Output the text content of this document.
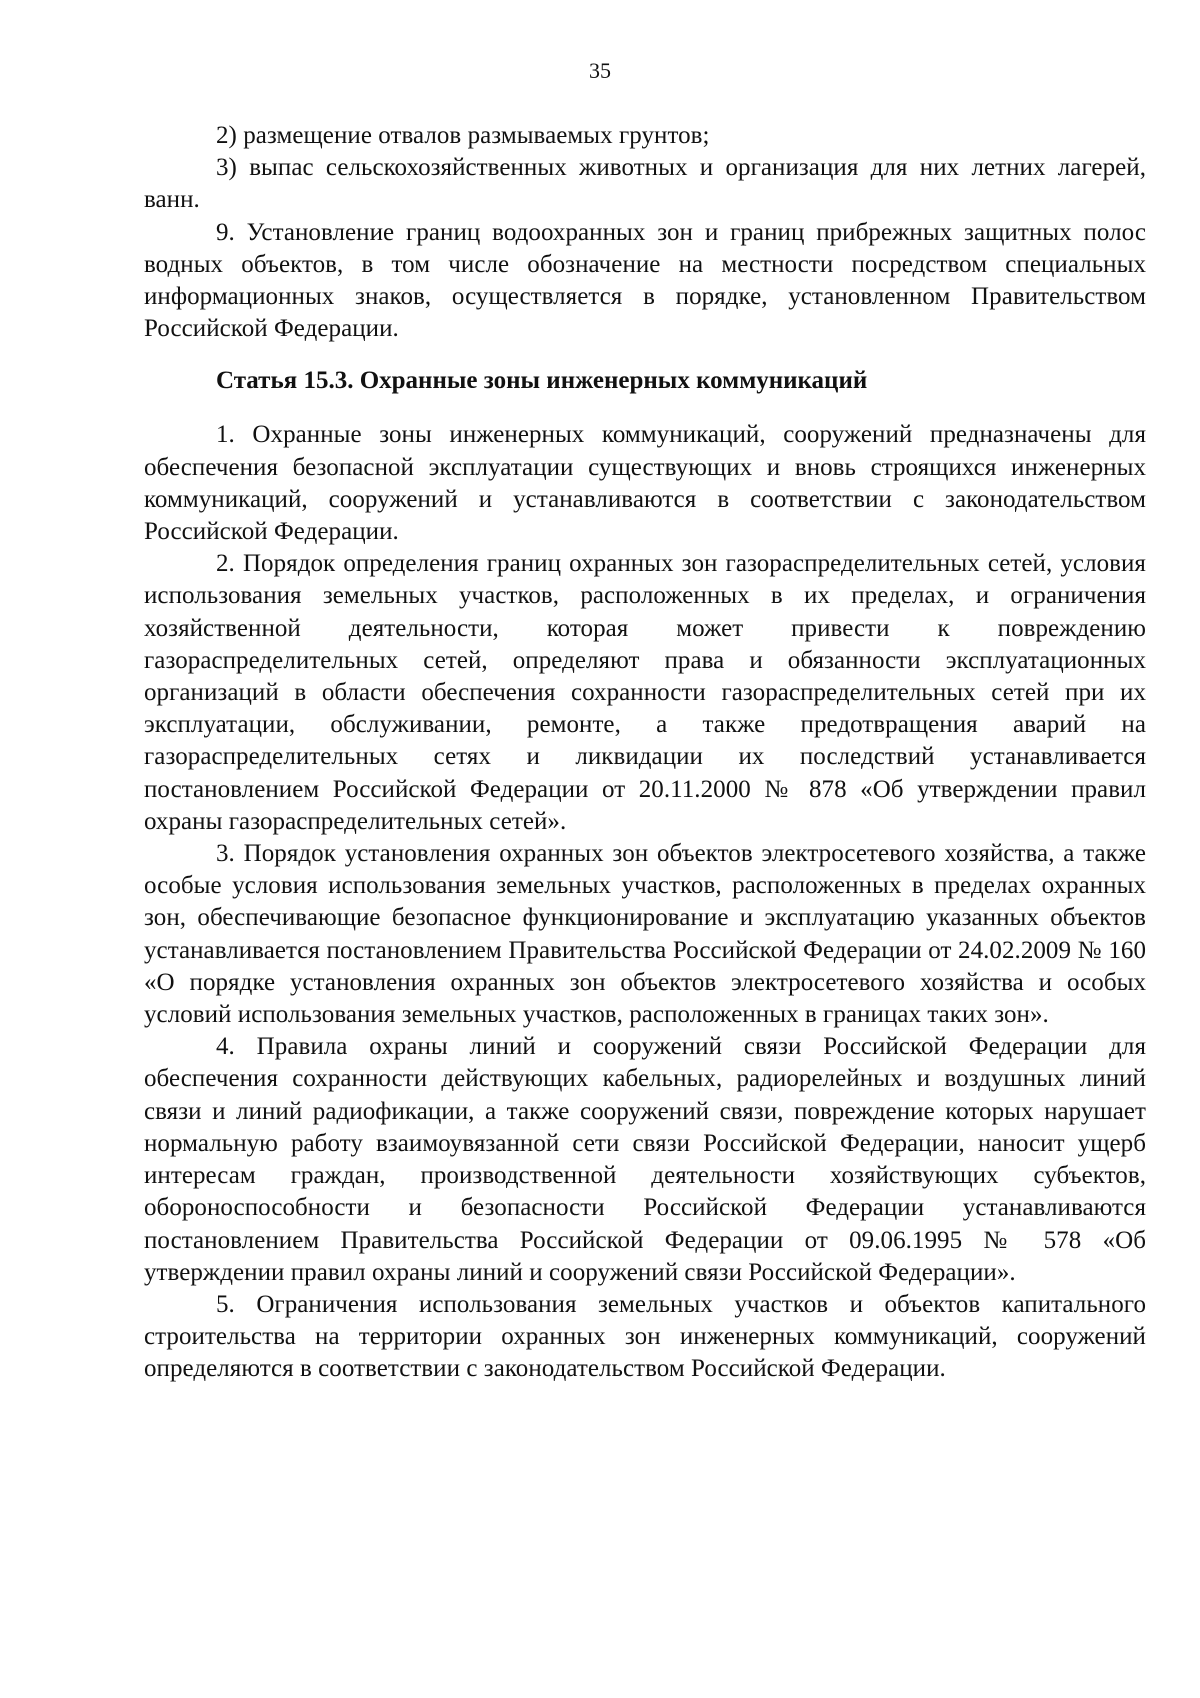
35

2) размещение отвалов размываемых грунтов;

3) выпас сельскохозяйственных животных и организация для них летних лагерей, ванн.

9. Установление границ водоохранных зон и границ прибрежных защитных полос водных объектов, в том числе обозначение на местности посредством специальных информационных знаков, осуществляется в порядке, установленном Правительством Российской Федерации.

Статья 15.3. Охранные зоны инженерных коммуникаций

1. Охранные зоны инженерных коммуникаций, сооружений предназначены для обеспечения безопасной эксплуатации существующих и вновь строящихся инженерных коммуникаций, сооружений и устанавливаются в соответствии с законодательством Российской Федерации.

2. Порядок определения границ охранных зон газораспределительных сетей, условия использования земельных участков, расположенных в их пределах, и ограничения хозяйственной деятельности, которая может привести к повреждению газораспределительных сетей, определяют права и обязанности эксплуатационных организаций в области обеспечения сохранности газораспределительных сетей при их эксплуатации, обслуживании, ремонте, а также предотвращения аварий на газораспределительных сетях и ликвидации их последствий устанавливается постановлением Российской Федерации от 20.11.2000 № 878 «Об утверждении правил охраны газораспределительных сетей».

3. Порядок установления охранных зон объектов электросетевого хозяйства, а также особые условия использования земельных участков, расположенных в пределах охранных зон, обеспечивающие безопасное функционирование и эксплуатацию указанных объектов устанавливается постановлением Правительства Российской Федерации от 24.02.2009 № 160 «О порядке установления охранных зон объектов электросетевого хозяйства и особых условий использования земельных участков, расположенных в границах таких зон».

4. Правила охраны линий и сооружений связи Российской Федерации для обеспечения сохранности действующих кабельных, радиорелейных и воздушных линий связи и линий радиофикации, а также сооружений связи, повреждение которых нарушает нормальную работу взаимоувязанной сети связи Российской Федерации, наносит ущерб интересам граждан, производственной деятельности хозяйствующих субъектов, обороноспособности и безопасности Российской Федерации устанавливаются постановлением Правительства Российской Федерации от 09.06.1995 № 578 «Об утверждении правил охраны линий и сооружений связи Российской Федерации».

5. Ограничения использования земельных участков и объектов капитального строительства на территории охранных зон инженерных коммуникаций, сооружений определяются в соответствии с законодательством Российской Федерации.
